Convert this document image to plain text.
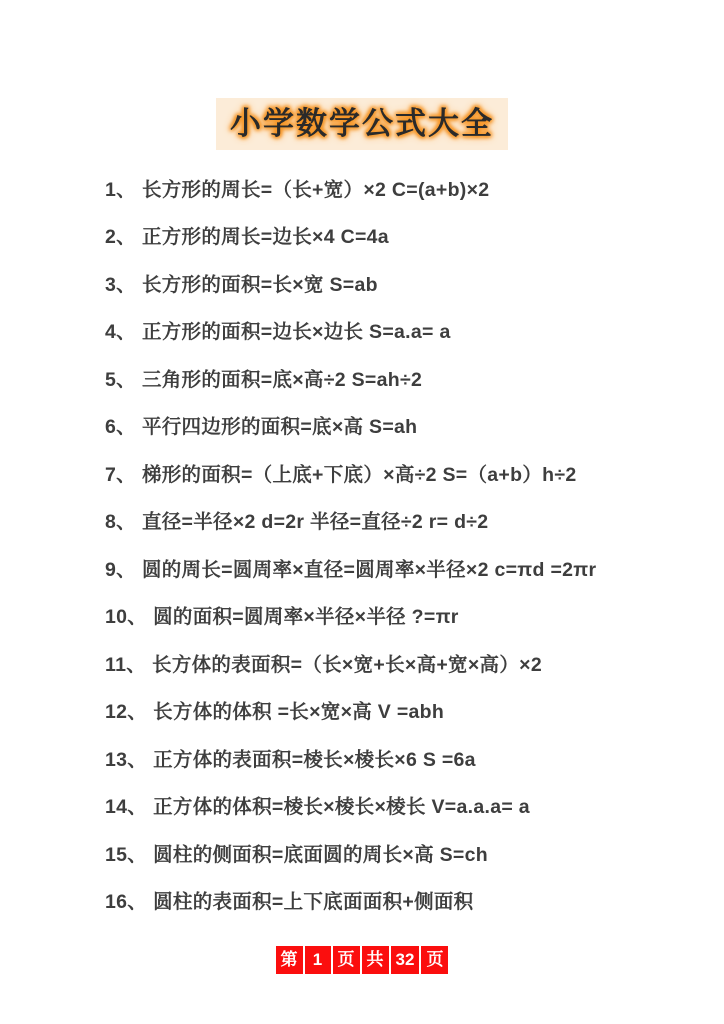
小学数学公式大全
1、 长方形的周长=（长+宽）×2 C=(a+b)×2
2、 正方形的周长=边长×4 C=4a
3、 长方形的面积=长×宽 S=ab
4、 正方形的面积=边长×边长 S=a.a= a
5、 三角形的面积=底×高÷2 S=ah÷2
6、 平行四边形的面积=底×高 S=ah
7、 梯形的面积=（上底+下底）×高÷2 S=（a+b）h÷2
8、 直径=半径×2 d=2r 半径=直径÷2 r= d÷2
9、 圆的周长=圆周率×直径=圆周率×半径×2 c=πd =2πr
10、 圆的面积=圆周率×半径×半径 ?=πr
11、 长方体的表面积=（长×宽+长×高+宽×高）×2
12、 长方体的体积 =长×宽×高 V =abh
13、 正方体的表面积=棱长×棱长×6 S =6a
14、 正方体的体积=棱长×棱长×棱长 V=a.a.a= a
15、 圆柱的侧面积=底面圆的周长×高 S=ch
16、 圆柱的表面积=上下底面面积+侧面积
第 1 页 共 32 页
